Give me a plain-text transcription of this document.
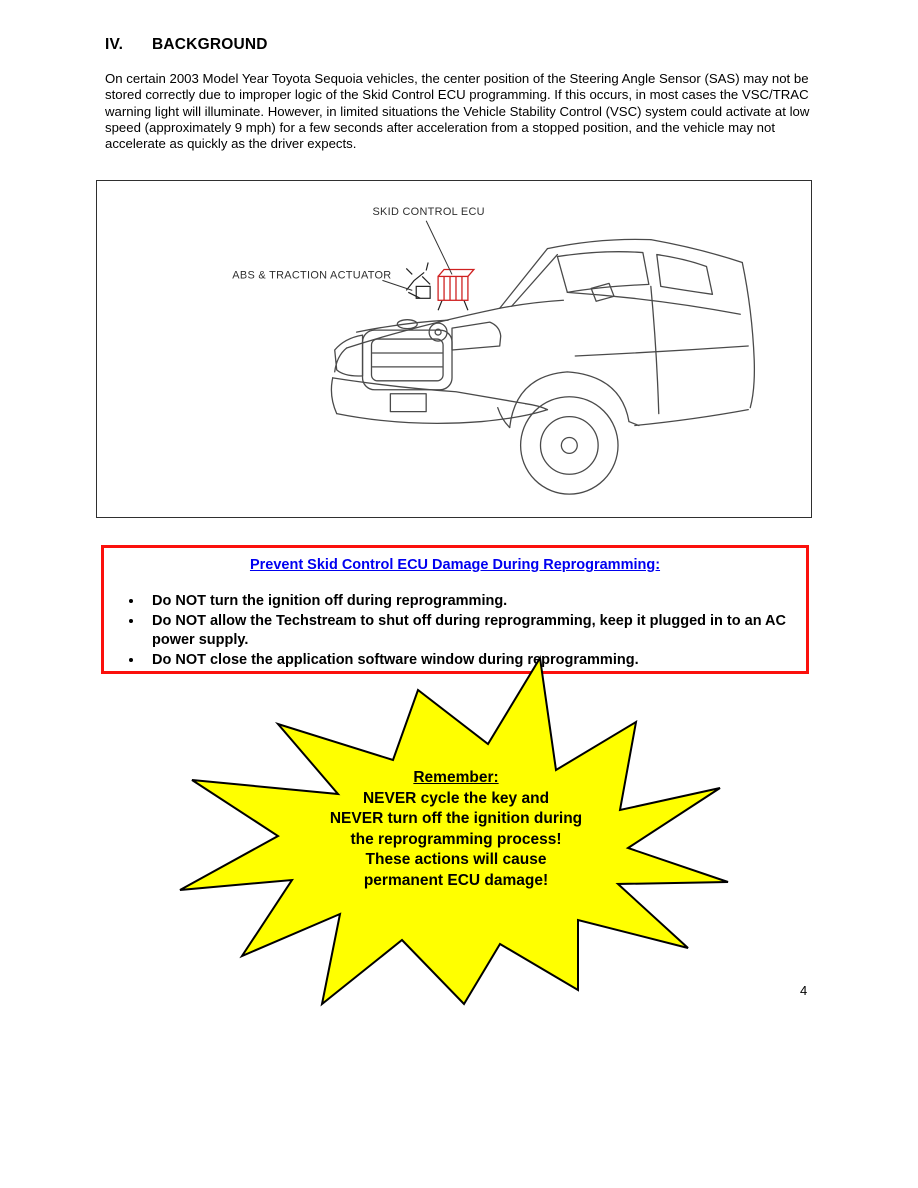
IV.	BACKGROUND

On certain 2003 Model Year Toyota Sequoia vehicles, the center position of the Steering Angle Sensor (SAS) may not be stored correctly due to improper logic of the Skid Control ECU programming. If this occurs, in most cases the VSC/TRAC warning light will illuminate. However, in limited situations the Vehicle Stability Control (VSC) system could activate at low speed (approximately 9 mph) for a few seconds after acceleration from a stopped position, and the vehicle may not accelerate as quickly as the driver expects.

SKID CONTROL ECU
ABS & TRACTION ACTUATOR
Prevent Skid Control ECU Damage During Reprogramming:
• Do NOT turn the ignition off during reprogramming.
• Do NOT allow the Techstream to shut off during reprogramming, keep it plugged in to an AC power supply.
• Do NOT close the application software window during reprogramming.
Remember:
NEVER cycle the key and
NEVER turn off the ignition during
the reprogramming process!
These actions will cause
permanent ECU damage!
4
